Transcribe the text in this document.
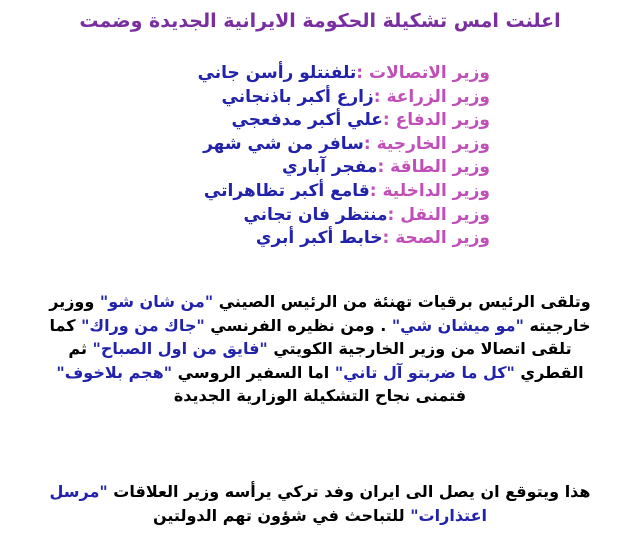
اعلنت امس تشكيلة الحكومة الايرانية الجديدة وضمت
وزير الاتصالات :تلفنتلو رأسن جاني
وزير الزراعة :زارع أكبر باذنجاني
وزير الدفاع :علي أكبر مدفعجي
وزير الخارجية :سافر من شي شهر
وزير الطاقة :مفجر آباري
وزير الداخلية :قامع أكبر تظاهراتي
وزير النقل :منتظر فان تجاني
وزير الصحة :خابط أكبر أبري
وتلقى الرئيس برقيات تهنئة من الرئيس الصيني "من شان شو" ووزير خارجيته "مو ميشان شي" . ومن نظيره الفرنسي "جاك من وراك" كما تلقى اتصالا من وزير الخارجية الكويتي "فايق من اول الصباح" ثم القطري "كل ما ضربتو آل تاني" اما السفير الروسي "هجم بلاخوف" فتمنى نجاح التشكيلة الوزارية الجديدة
هذا ويتوقع ان يصل الى ايران وفد تركي يرأسه وزير العلاقات "مرسل اعتذارات" للتباحث في شؤون تهم الدولتين
